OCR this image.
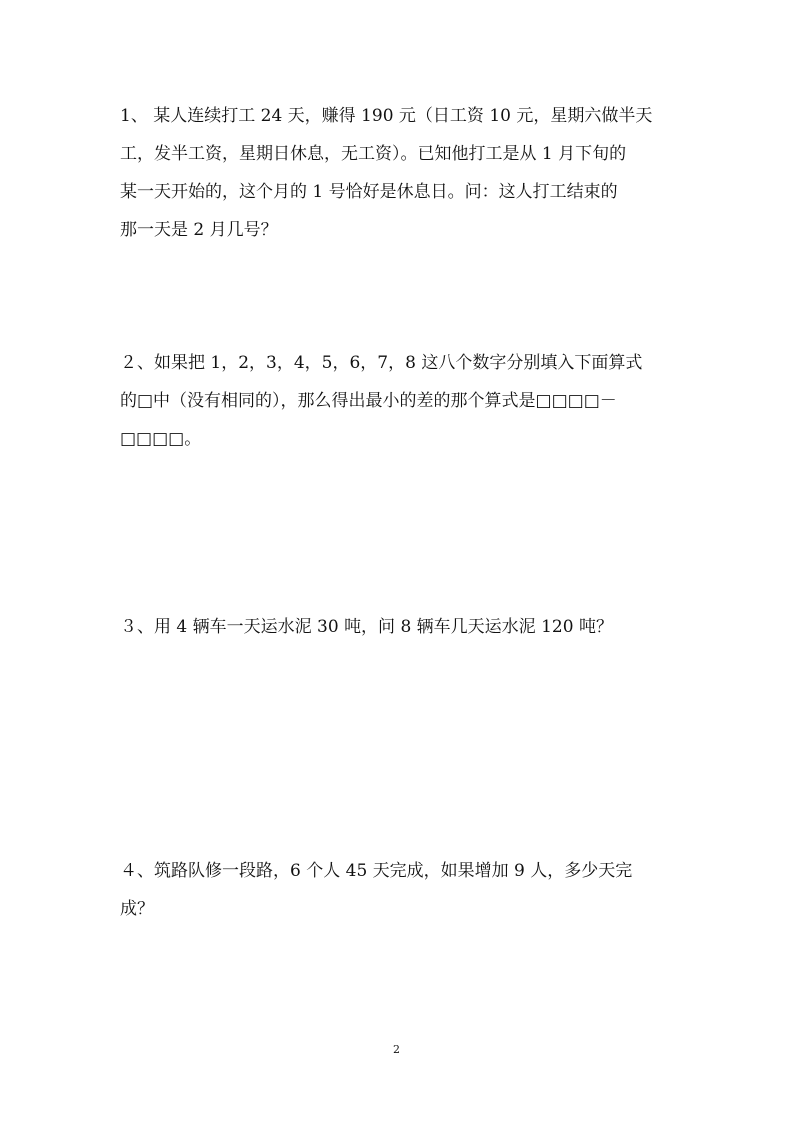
1、 某人连续打工 24 天，赚得 190 元（日工资 10 元，星期六做半天
工，发半工资，星期日休息，无工资）。已知他打工是从 1 月下旬的
某一天开始的，这个月的 1 号恰好是休息日。问：这人打工结束的
那一天是 2 月几号？

２、如果把 1，2，3，4，5，6，7，8 这八个数字分别填入下面算式
的□中（没有相同的），那么得出最小的差的那个算式是□□□□－
□□□□。

３、用 4 辆车一天运水泥 30 吨，问 8 辆车几天运水泥 120 吨？

４、筑路队修一段路，6 个人 45 天完成，如果增加 9 人，多少天完
成？

2
